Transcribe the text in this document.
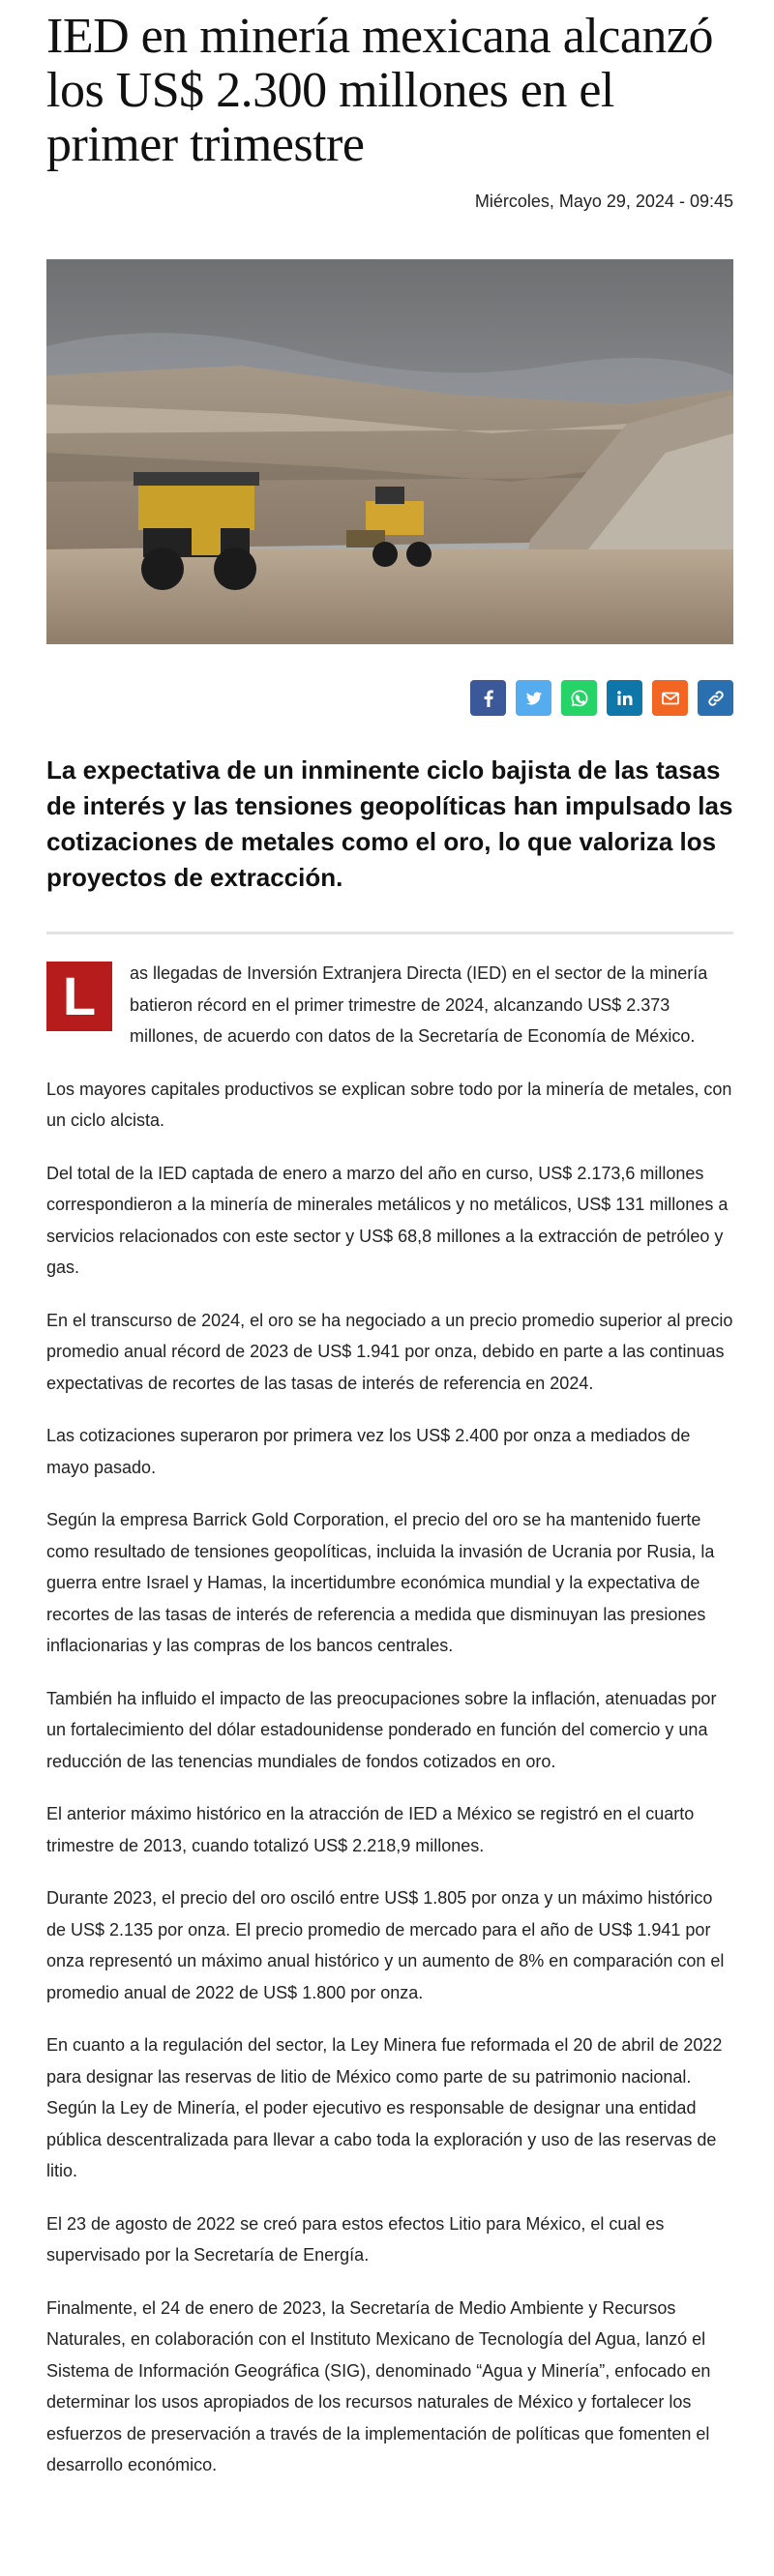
IED en minería mexicana alcanzó los US$ 2.300 millones en el primer trimestre
Miércoles, Mayo 29, 2024 - 09:45

La expectativa de un inminente ciclo bajista de las tasas de interés y las tensiones geopolíticas han impulsado las cotizaciones de metales como el oro, lo que valoriza los proyectos de extracción.

L	as llegadas de Inversión Extranjera Directa (IED) en el sector de la minería batieron récord en el primer trimestre de 2024, alcanzando US$ 2.373 millones, de acuerdo con datos de la Secretaría de Economía de México.

Los mayores capitales productivos se explican sobre todo por la minería de metales, con un ciclo alcista.

Del total de la IED captada de enero a marzo del año en curso, US$ 2.173,6 millones correspondieron a la minería de minerales metálicos y no metálicos, US$ 131 millones a servicios relacionados con este sector y US$ 68,8 millones a la extracción de petróleo y gas.

En el transcurso de 2024, el oro se ha negociado a un precio promedio superior al precio promedio anual récord de 2023 de US$ 1.941 por onza, debido en parte a las continuas expectativas de recortes de las tasas de interés de referencia en 2024.

Las cotizaciones superaron por primera vez los US$ 2.400 por onza a mediados de mayo pasado.

Según la empresa Barrick Gold Corporation, el precio del oro se ha mantenido fuerte como resultado de tensiones geopolíticas, incluida la invasión de Ucrania por Rusia, la guerra entre Israel y Hamas, la incertidumbre económica mundial y la expectativa de recortes de las tasas de interés de referencia a medida que disminuyan las presiones inflacionarias y las compras de los bancos centrales.

También ha influido el impacto de las preocupaciones sobre la inflación, atenuadas por un fortalecimiento del dólar estadounidense ponderado en función del comercio y una reducción de las tenencias mundiales de fondos cotizados en oro.

El anterior máximo histórico en la atracción de IED a México se registró en el cuarto trimestre de 2013, cuando totalizó US$ 2.218,9 millones.

Durante 2023, el precio del oro osciló entre US$ 1.805 por onza y un máximo histórico de US$ 2.135 por onza. El precio promedio de mercado para el año de US$ 1.941 por onza representó un máximo anual histórico y un aumento de 8% en comparación con el promedio anual de 2022 de US$ 1.800 por onza.

En cuanto a la regulación del sector, la Ley Minera fue reformada el 20 de abril de 2022 para designar las reservas de litio de México como parte de su patrimonio nacional. Según la Ley de Minería, el poder ejecutivo es responsable de designar una entidad pública descentralizada para llevar a cabo toda la exploración y uso de las reservas de litio.

El 23 de agosto de 2022 se creó para estos efectos Litio para México, el cual es supervisado por la Secretaría de Energía.

Finalmente, el 24 de enero de 2023, la Secretaría de Medio Ambiente y Recursos Naturales, en colaboración con el Instituto Mexicano de Tecnología del Agua, lanzó el Sistema de Información Geográfica (SIG), denominado “Agua y Minería”, enfocado en determinar los usos apropiados de los recursos naturales de México y fortalecer los esfuerzos de preservación a través de la implementación de políticas que fomenten el desarrollo económico.
